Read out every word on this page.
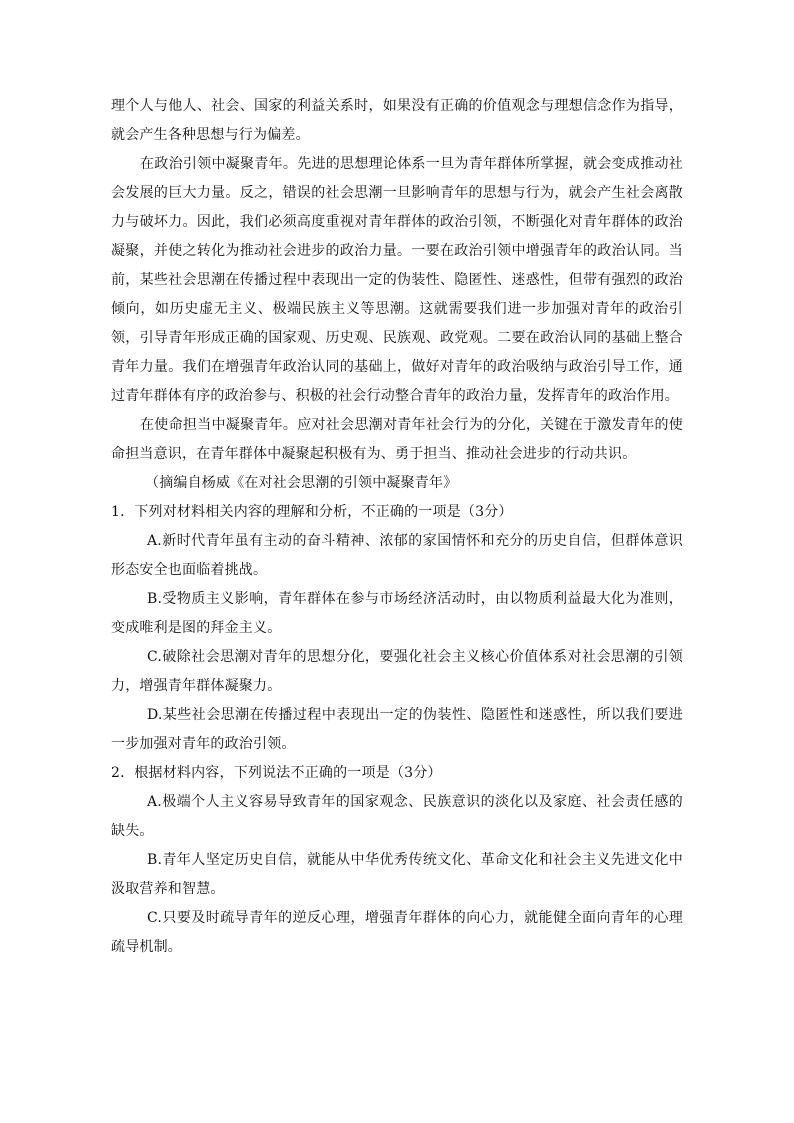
理个人与他人、社会、国家的利益关系时，如果没有正确的价值观念与理想信念作为指导，就会产生各种思想与行为偏差。

在政治引领中凝聚青年。先进的思想理论体系一旦为青年群体所掌握，就会变成推动社会发展的巨大力量。反之，错误的社会思潮一旦影响青年的思想与行为，就会产生社会离散力与破坏力。因此，我们必须高度重视对青年群体的政治引领，不断强化对青年群体的政治凝聚，并使之转化为推动社会进步的政治力量。一要在政治引领中增强青年的政治认同。当前，某些社会思潮在传播过程中表现出一定的伪装性、隐匿性、迷惑性，但带有强烈的政治倾向，如历史虚无主义、极端民族主义等思潮。这就需要我们进一步加强对青年的政治引领，引导青年形成正确的国家观、历史观、民族观、政党观。二要在政治认同的基础上整合青年力量。我们在增强青年政治认同的基础上，做好对青年的政治吸纳与政治引导工作，通过青年群体有序的政治参与、积极的社会行动整合青年的政治力量，发挥青年的政治作用。

在使命担当中凝聚青年。应对社会思潮对青年社会行为的分化，关键在于激发青年的使命担当意识，在青年群体中凝聚起积极有为、勇于担当、推动社会进步的行动共识。

（摘编自杨威《在对社会思潮的引领中凝聚青年》

1．下列对材料相关内容的理解和分析，不正确的一项是（3分）

A.新时代青年虽有主动的奋斗精神、浓郁的家国情怀和充分的历史自信，但群体意识形态安全也面临着挑战。

B.受物质主义影响，青年群体在参与市场经济活动时，由以物质利益最大化为准则，变成唯利是图的拜金主义。

C.破除社会思潮对青年的思想分化，要强化社会主义核心价值体系对社会思潮的引领力，增强青年群体凝聚力。

D.某些社会思潮在传播过程中表现出一定的伪装性、隐匿性和迷惑性，所以我们要进一步加强对青年的政治引领。

2．根据材料内容，下列说法不正确的一项是（3分）

A.极端个人主义容易导致青年的国家观念、民族意识的淡化以及家庭、社会责任感的缺失。

B.青年人坚定历史自信，就能从中华优秀传统文化、革命文化和社会主义先进文化中汲取营养和智慧。

C.只要及时疏导青年的逆反心理，增强青年群体的向心力，就能健全面向青年的心理疏导机制。
